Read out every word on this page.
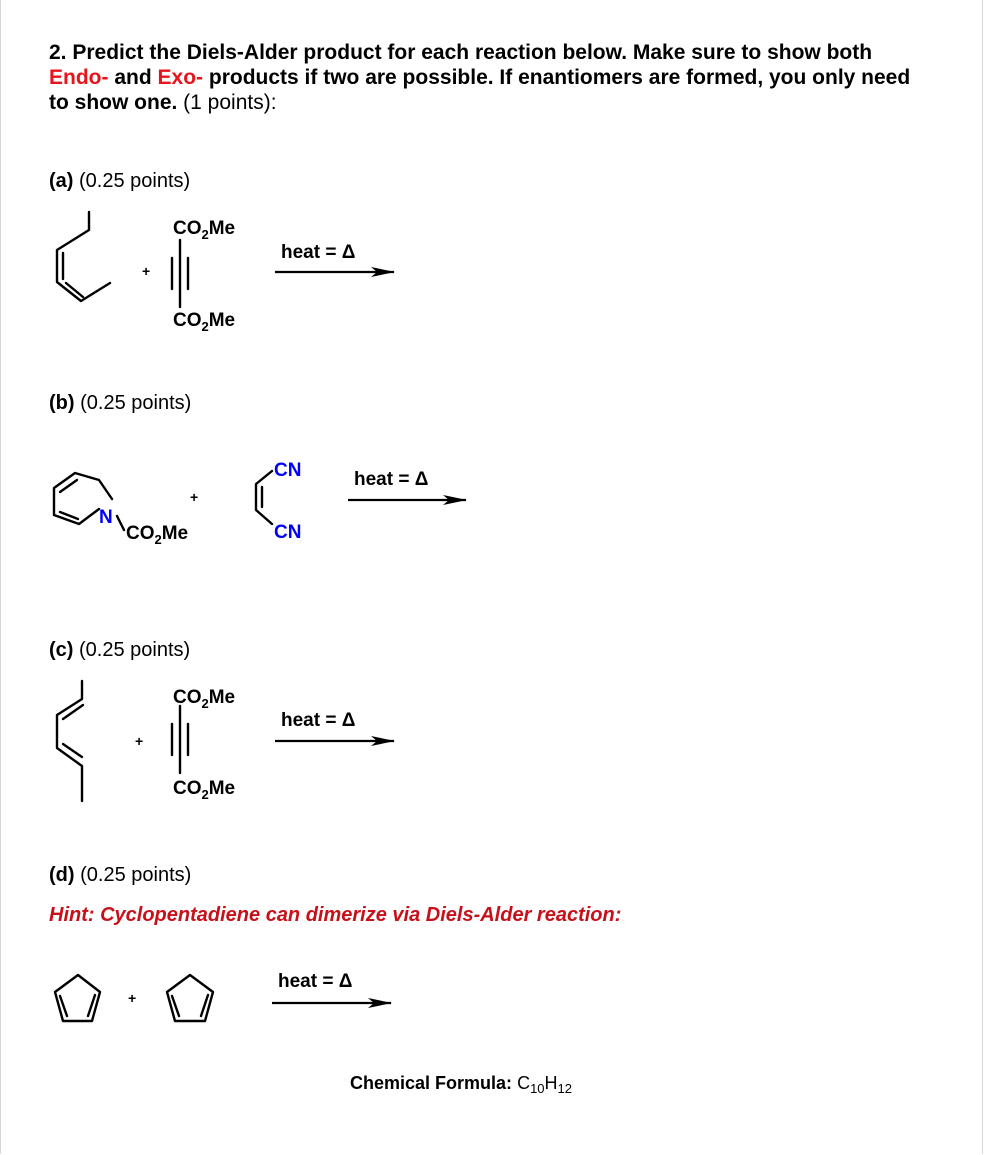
2. Predict the Diels-Alder product for each reaction below. Make sure to show both Endo- and Exo- products if two are possible. If enantiomers are formed, you only need to show one. (1 points):
(a) (0.25 points)
(b) (0.25 points)
(c) (0.25 points)
(d) (0.25 points)
Hint: Cyclopentadiene can dimerize via Diels-Alder reaction:
Chemical Formula: $C_{10}H_{12}$
+
$CO_2Me$
$CO_2Me$
heat = Δ
N
$CO_2Me$
+
CN
CN
heat = Δ
+
$CO_2Me$
$CO_2Me$
heat = Δ
+
heat = Δ
